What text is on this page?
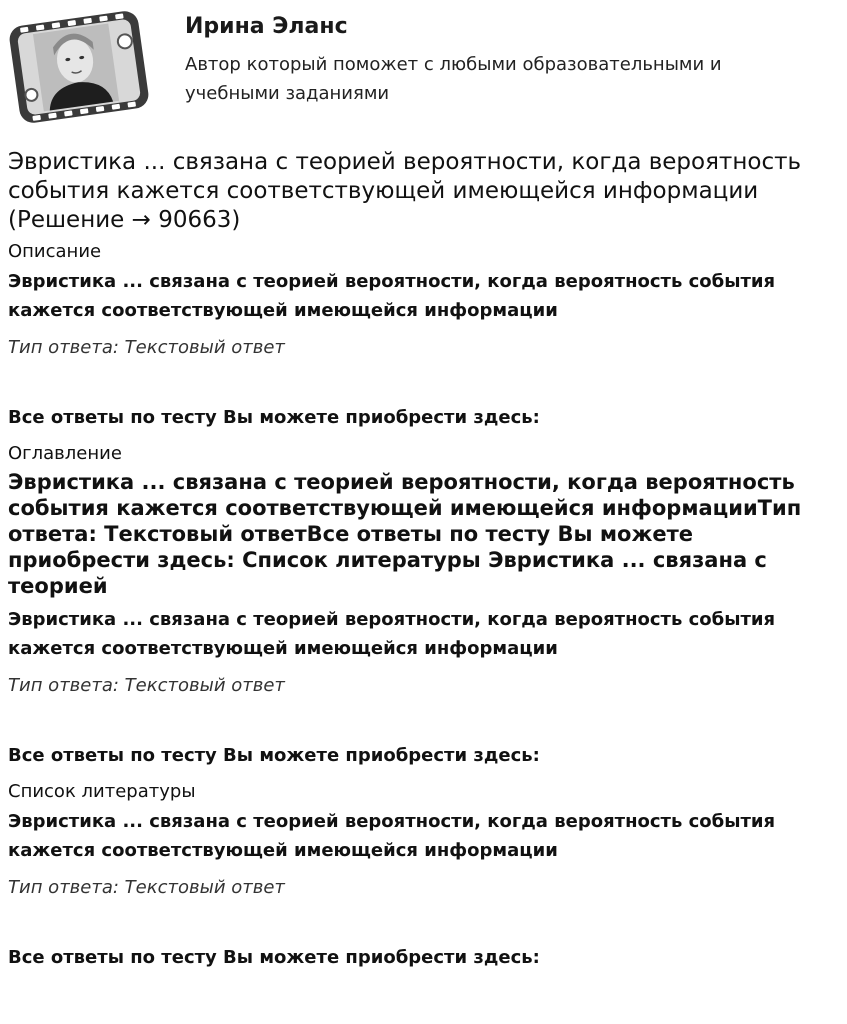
Ирина Эланс
Автор который поможет с любыми образовательными и учебными заданиями
Эвристика ... связана с теорией вероятности, когда вероятность события кажется соответствующей имеющейся информации (Решение → 90663)
Описание
Эвристика ... связана с теорией вероятности, когда вероятность события кажется соответствующей имеющейся информации
Тип ответа: Текстовый ответ
Все ответы по тесту Вы можете приобрести здесь:
Оглавление
Эвристика ... связана с теорией вероятности, когда вероятность события кажется соответствующей имеющейся информацииТип ответа: Текстовый ответВсе ответы по тесту Вы можете приобрести здесь: Список литературы Эвристика ... связана с теорией
Эвристика ... связана с теорией вероятности, когда вероятность события кажется соответствующей имеющейся информации
Тип ответа: Текстовый ответ
Все ответы по тесту Вы можете приобрести здесь:
Список литературы
Эвристика ... связана с теорией вероятности, когда вероятность события кажется соответствующей имеющейся информации
Тип ответа: Текстовый ответ
Все ответы по тесту Вы можете приобрести здесь:
